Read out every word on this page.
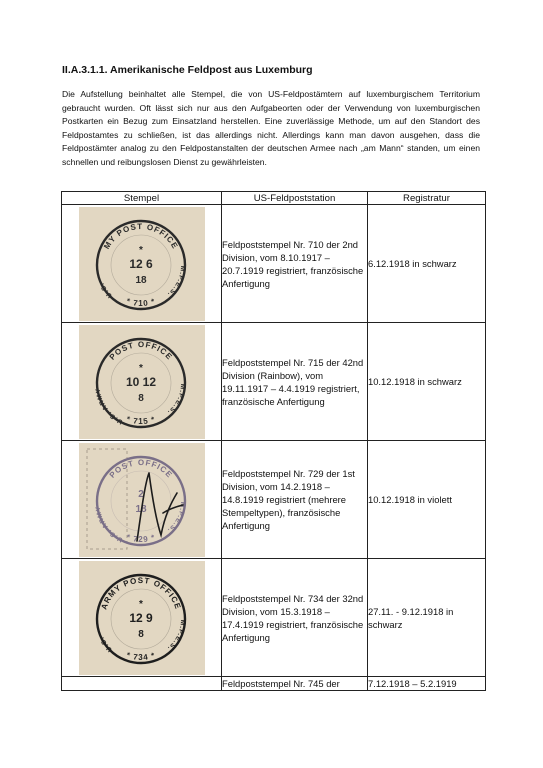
II.A.3.1.1. Amerikanische Feldpost aus Luxemburg

Die Aufstellung beinhaltet alle Stempel, die von US-Feldpostämtern auf luxemburgischem Territorium gebraucht wurden. Oft lässt sich nur aus den Aufgabeorten oder der Verwendung von luxemburgischen Postkarten ein Bezug zum Einsatzland herstellen. Eine zuverlässige Methode, um auf den Standort des Feldpostamtes zu schließen, ist das allerdings nicht. Allerdings kann man davon ausgehen, dass die Feldpostämter analog zu den Feldpostanstalten der deutschen Armee nach „am Mann“ standen, um einen schnellen und reibungslosen Dienst zu gewährleisten.

Stempel	US-Feldpoststation	Registratur

MY POST OFFICE
* 710 *
U.S.
M.P.E.S.
* 12 6 18	Feldpoststempel Nr. 710 der 2nd Division, vom 8.10.1917 – 20.7.1919 registriert, französische Anfertigung	6.12.1918 in schwarz

POST OFFICE
* 715 *
U.S. ARMY M.P.E.S.
* 10 12 8	Feldpoststempel Nr. 715 der 42nd Division (Rainbow), vom 19.11.1917 – 4.4.1919 registriert, französische Anfertigung	10.12.1918 in schwarz

POST OFFICE
* 729 *
U.S. ARMY M.P.E.S.
2 18	Feldpoststempel Nr. 729 der 1st Division, vom 14.2.1918 – 14.8.1919 registriert (mehrere Stempeltypen), französische Anfertigung	10.12.1918 in violett

ARMY POST OFFICE
* 734 *
U.S.
M.P.E.S.
* 12 9 8	Feldpoststempel Nr. 734 der 32nd Division, vom 15.3.1918 – 17.4.1919 registriert, französische Anfertigung	27.11. - 9.12.1918 in schwarz
	Feldpoststempel Nr. 745 der	7.12.1918 – 5.2.1919
